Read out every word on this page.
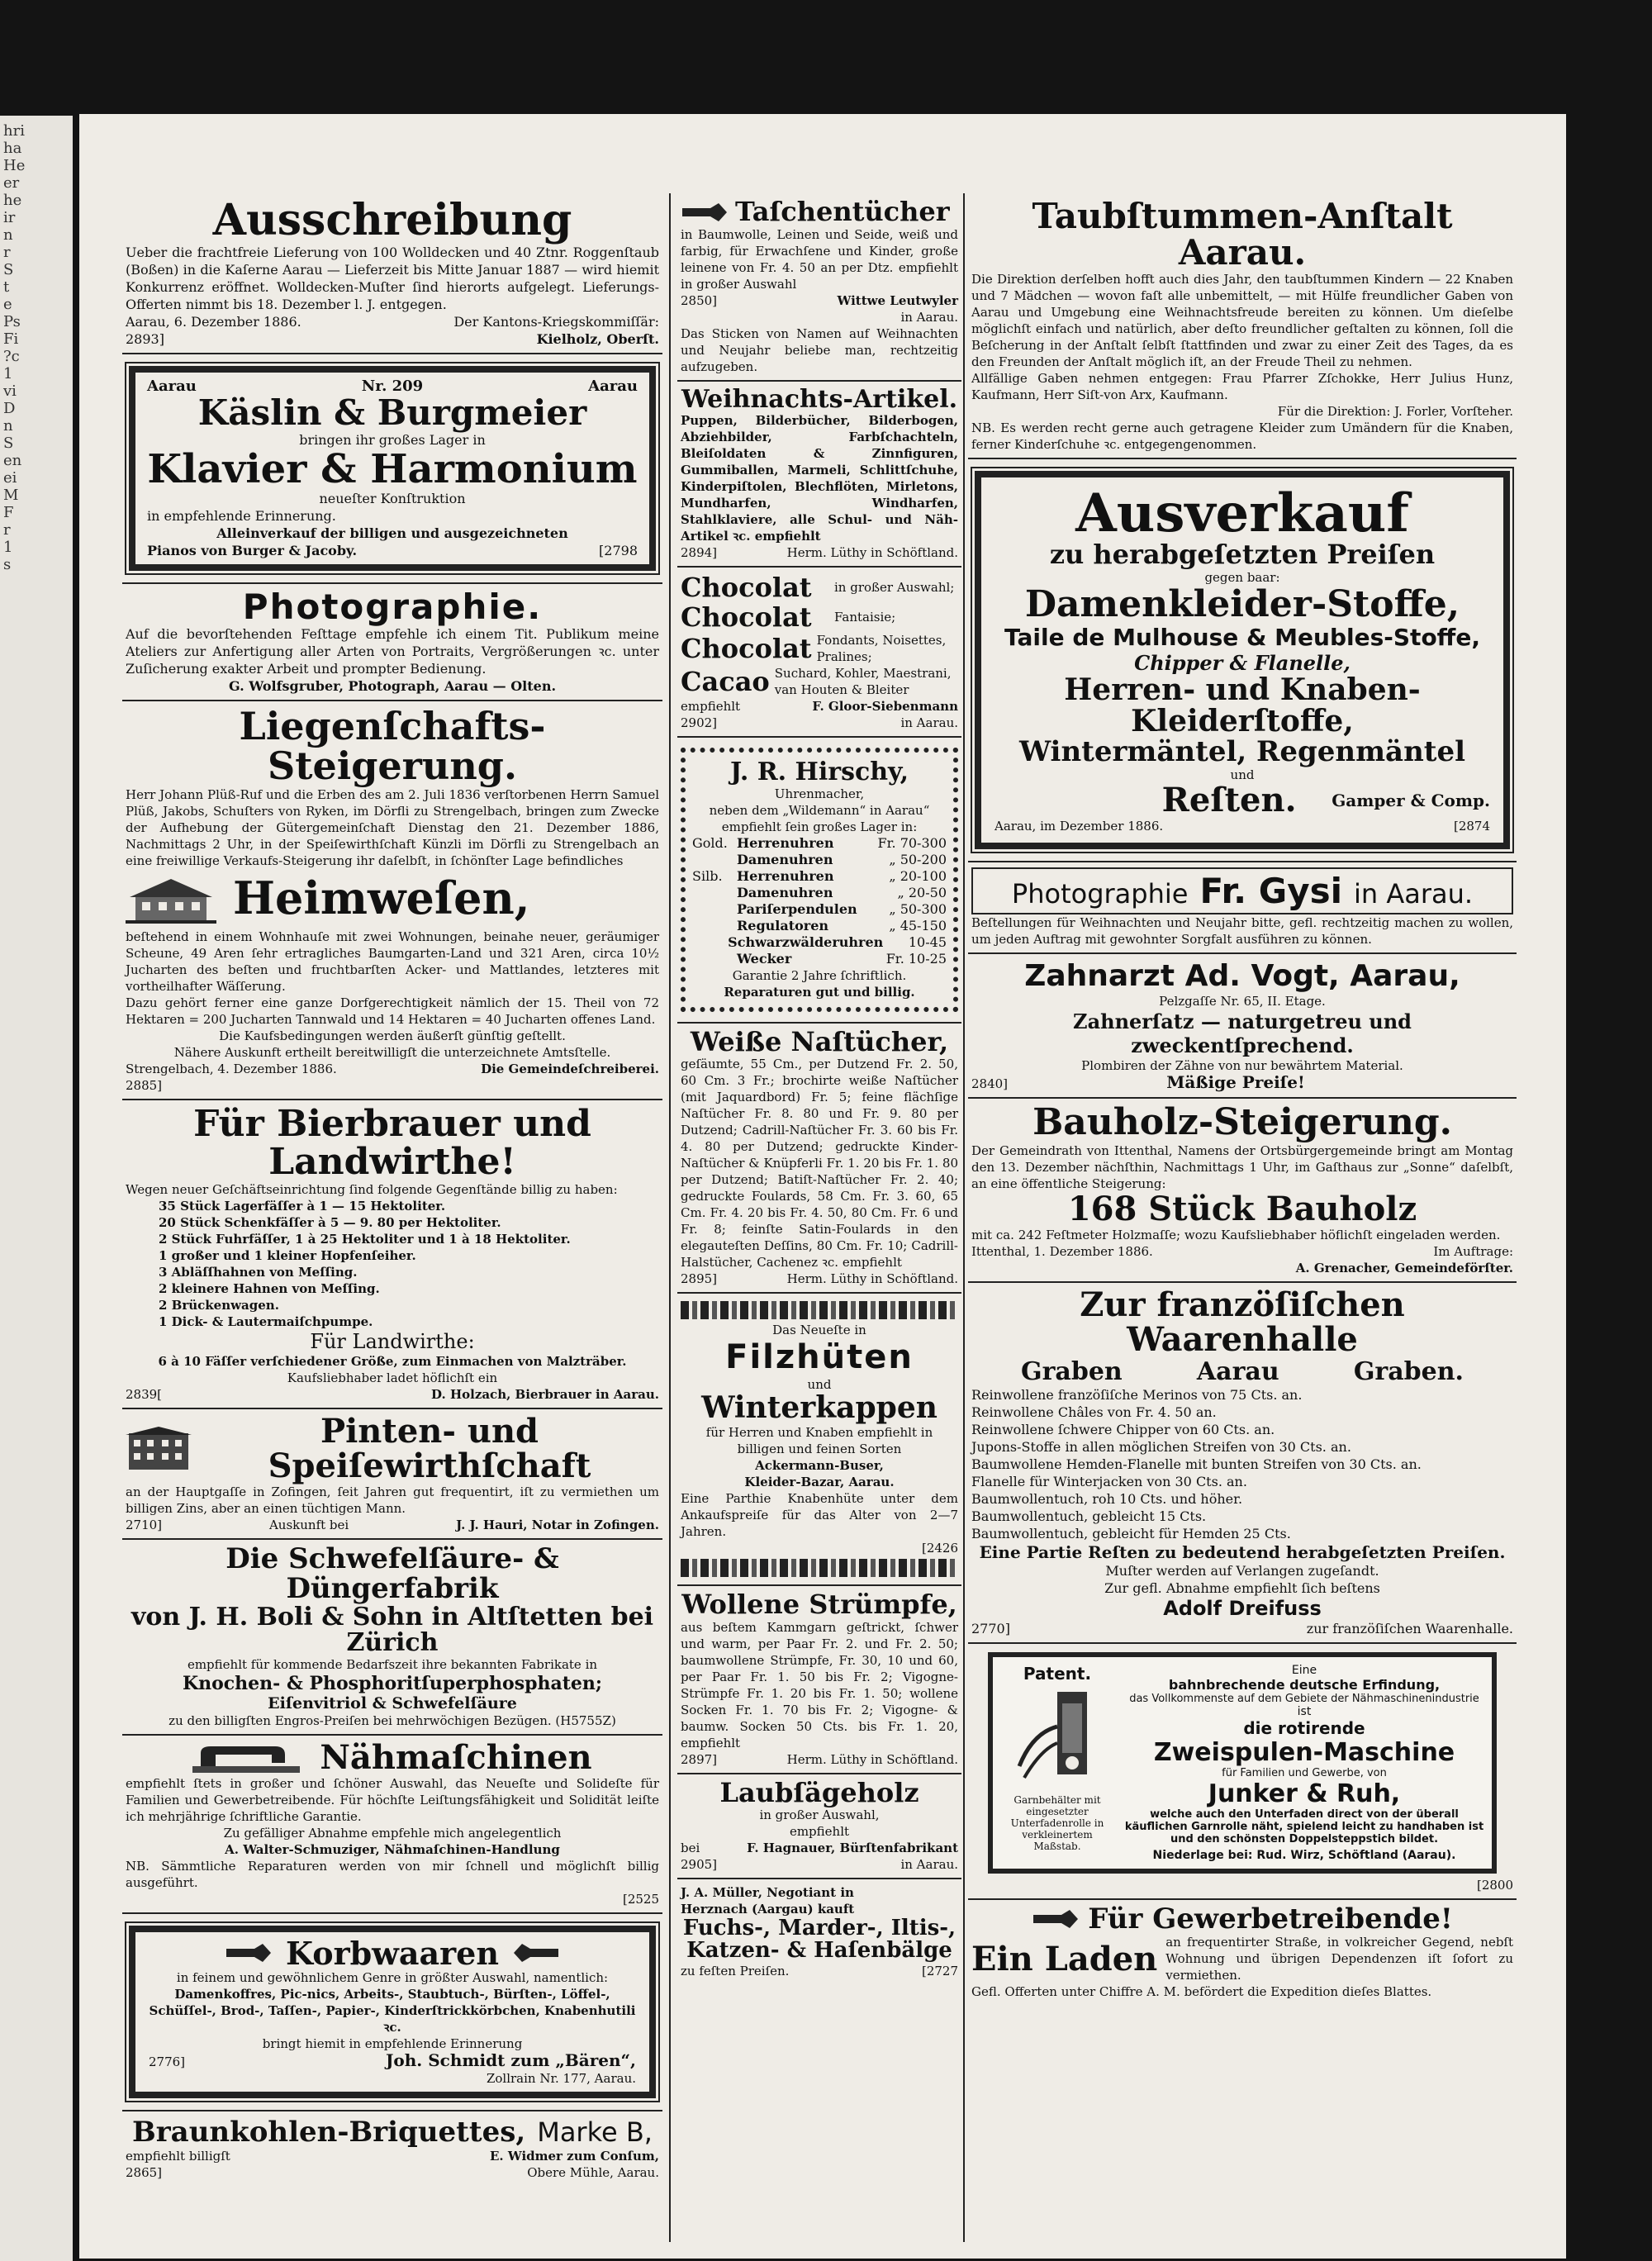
hri
ha
He
er
he
ir
n
r
S
t
e
Ps
Fi
?c
1
vi
D
n
S
en
ei
M
F
r
1
s
Ausschreibung
Ueber die frachtfreie Lieferung von 100 Wolldecken und 40 Ztnr. Roggenſtaub (Boßen) in die Kaſerne Aarau — Lieferzeit bis Mitte Januar 1887 — wird hiemit Konkurrenz eröffnet. Wolldecken-Muſter ſind hierorts aufgelegt. Lieferungs-Offerten nimmt bis 18. Dezember l. J. entgegen.
Aarau, 6. Dezember 1886.	Der Kantons-Kriegskommiſſär:
2893]	Kielholz, Oberſt.
Aarau	Nr. 209	Aarau
Käslin & Burgmeier
bringen ihr großes Lager in
Klavier & Harmonium
neueſter Konſtruktion
in empfehlende Erinnerung.
Alleinverkauf der billigen und ausgezeichneten
Pianos von Burger & Jacoby.	[2798
Photographie.
Auf die bevorſtehenden Feſttage empfehle ich einem Tit. Publikum meine Ateliers zur Anfertigung aller Arten von Portraits, Vergrößerungen ꝛc. unter Zuſicherung exakter Arbeit und prompter Bedienung.
G. Wolfsgruber, Photograph, Aarau — Olten.
Liegenſchafts-Steigerung.
Herr Johann Plüß-Ruf und die Erben des am 2. Juli 1836 verſtorbenen Herrn Samuel Plüß, Jakobs, Schuſters von Ryken, im Dörfli zu Strengelbach, bringen zum Zwecke der Aufhebung der Gütergemeinſchaft Dienstag den 21. Dezember 1886, Nachmittags 2 Uhr, in der Speiſewirthſchaft Künzli im Dörfli zu Strengelbach an eine freiwillige Verkaufs-Steigerung ihr daſelbſt, in ſchönſter Lage befindliches
Heimweſen,
beſtehend in einem Wohnhauſe mit zwei Wohnungen, beinahe neuer, geräumiger Scheune, 49 Aren ſehr ertragliches Baumgarten-Land und 321 Aren, circa 10½ Jucharten des beſten und fruchtbarſten Acker- und Mattlandes, letzteres mit vortheilhafter Wäſſerung.
Dazu gehört ferner eine ganze Dorfgerechtigkeit nämlich der 15. Theil von 72 Hektaren = 200 Jucharten Tannwald und 14 Hektaren = 40 Jucharten offenes Land.
Die Kaufsbedingungen werden äußerſt günſtig geſtellt.
Nähere Auskunft ertheilt bereitwilligſt die unterzeichnete Amtsſtelle.
Strengelbach, 4. Dezember 1886.	Die Gemeindeſchreiberei.
2885]
Für Bierbrauer und Landwirthe!
Wegen neuer Geſchäftseinrichtung ſind folgende Gegenſtände billig zu haben:
35 Stück Lagerfäſſer à 1 — 15 Hektoliter.
20 Stück Schenkfäſſer à 5 — 9. 80 per Hektoliter.
2 Stück Fuhrfäſſer, 1 à 25 Hektoliter und 1 à 18 Hektoliter.
1 großer und 1 kleiner Hopfenſeiher.
3 Abläſſhahnen von Meſſing.
2 kleinere Hahnen von Meſſing.
2 Brückenwagen.
1 Dick- & Lautermaiſchpumpe.
Für Landwirthe:
6 à 10 Fäſſer verſchiedener Größe, zum Einmachen von Malzträber.
Kaufsliebhaber ladet höflichſt ein
2839[	D. Holzach, Bierbrauer in Aarau.
Pinten- und Speiſewirthſchaft
an der Hauptgaſſe in Zofingen, ſeit Jahren gut frequentirt, iſt zu vermiethen um billigen Zins, aber an einen tüchtigen Mann.
2710]	Auskunft bei	J. J. Hauri, Notar in Zofingen.
Die Schwefelſäure- & Düngerfabrik
von J. H. Boli & Sohn in Altſtetten bei Zürich
empfiehlt für kommende Bedarfszeit ihre bekannten Fabrikate in
Knochen- & Phosphoritſuperphosphaten;
Eiſenvitriol & Schwefelſäure
zu den billigſten Engros-Preiſen bei mehrwöchigen Bezügen. (H5755Z)
Nähmaſchinen
empfiehlt ſtets in großer und ſchöner Auswahl, das Neueſte und Solideſte für Familien und Gewerbetreibende. Für höchſte Leiſtungsfähigkeit und Solidität leiſte ich mehrjährige ſchriftliche Garantie.
Zu gefälliger Abnahme empfehle mich angelegentlich
A. Walter-Schmuziger, Nähmaſchinen-Handlung
NB. Sämmtliche Reparaturen werden von mir ſchnell und möglichſt billig ausgeführt.
[2525
Korbwaaren
in feinem und gewöhnlichem Genre in größter Auswahl, namentlich:
Damenkoffres, Pic-nics, Arbeits-, Staubtuch-, Bürſten-, Löffel-, Schüſſel-, Brod-, Taſſen-, Papier-, Kinderſtrickkörbchen, Knabenhutili ꝛc.
bringt hiemit in empfehlende Erinnerung
2776]	Joh. Schmidt zum „Bären“,
Zollrain Nr. 177, Aarau.
Braunkohlen-Briquettes, Marke B,
empfiehlt billigſt	E. Widmer zum Conſum,
2865]	Obere Mühle, Aarau.
Taſchentücher
in Baumwolle, Leinen und Seide, weiß und farbig, für Erwachſene und Kinder, große leinene von Fr. 4. 50 an per Dtz. empfiehlt in großer Auswahl
2850]	Wittwe Leutwyler
in Aarau.
Das Sticken von Namen auf Weihnachten und Neujahr beliebe man, rechtzeitig aufzugeben.
Weihnachts-Artikel.
Puppen, Bilderbücher, Bilderbogen, Abziehbilder, Farbſchachteln, Bleiſoldaten & Zinnfiguren, Gummiballen, Marmeli, Schlittſchuhe, Kinderpiſtolen, Blechflöten, Mirletons, Mundharfen, Windharfen, Stahlklaviere, alle Schul- und Näh-Artikel ꝛc. empfiehlt
2894]	Herm. Lüthy in Schöftland.
Chocolat	in großer Auswahl;
Chocolat	Fantaisie;
Chocolat Fondants, Noisettes, Pralines;
Cacao Suchard, Kohler, Maestrani, van Houten & Bleiter
empfiehlt	F. Gloor-Siebenmann
2902]	in Aarau.
J. R. Hirschy,
Uhrenmacher,
neben dem „Wildemann“ in Aarau“
empfiehlt ſein großes Lager in:
Gold. Herrenuhren	Fr. 70-300
Damenuhren	„ 50-200
Silb.	Herrenuhren	„ 20-100
Damenuhren	„ 20-50
Pariſerpendulen	„ 50-300
Regulatoren	„ 45-150
Schwarzwälderuhren	10-45
Wecker	Fr. 10-25
Garantie 2 Jahre ſchriftlich.
Reparaturen gut und billig.
Weiße Naſtücher,
geſäumte, 55 Cm., per Dutzend Fr. 2. 50, 60 Cm. 3 Fr.; brochirte weiße Naſtücher (mit Jaquardbord) Fr. 5; feine flächſige Naſtücher Fr. 8. 80 und Fr. 9. 80 per Dutzend; Cadrill-Naſtücher Fr. 3. 60 bis Fr. 4. 80 per Dutzend; gedruckte Kinder-Naſtücher & Knüpferli Fr. 1. 20 bis Fr. 1. 80 per Dutzend; Batiſt-Naſtücher Fr. 2. 40; gedruckte Foulards, 58 Cm. Fr. 3. 60, 65 Cm. Fr. 4. 20 bis Fr. 4. 50, 80 Cm. Fr. 6 und Fr. 8; feinſte Satin-Foulards in den elegauteſten Deſſins, 80 Cm. Fr. 10; Cadrill-Halstücher, Cachenez ꝛc. empfiehlt
2895]	Herm. Lüthy in Schöftland.
Das Neueſte in
Filzhüten
und
Winterkappen
für Herren und Knaben empfiehlt in billigen und feinen Sorten
Ackermann-Buser,
Kleider-Bazar, Aarau.
Eine Parthie Knabenhüte unter dem Ankaufspreiſe für das Alter von 2—7 Jahren.
[2426
Wollene Strümpfe,
aus beſtem Kammgarn geſtrickt, ſchwer und warm, per Paar Fr. 2. und Fr. 2. 50; baumwollene Strümpfe, Fr. 30, 10 und 60, per Paar Fr. 1. 50 bis Fr. 2; Vigogne-Strümpfe Fr. 1. 20 bis Fr. 1. 50; wollene Socken Fr. 1. 70 bis Fr. 2; Vigogne- & baumw. Socken 50 Cts. bis Fr. 1. 20, empfiehlt
2897]	Herm. Lüthy in Schöftland.
Laubſägeholz
in großer Auswahl,
empfiehlt
bei	F. Hagnauer, Bürſtenfabrikant
2905]	in Aarau.
J. A. Müller, Negotiant in
Herznach (Aargau) kauft
Fuchs-, Marder-, Iltis-, Katzen- & Haſenbälge
zu feſten Preiſen.	[2727
Taubſtummen-Anſtalt Aarau.
Die Direktion derſelben hofft auch dies Jahr, den taubſtummen Kindern — 22 Knaben und 7 Mädchen — wovon faſt alle unbemittelt, — mit Hülfe freundlicher Gaben von Aarau und Umgebung eine Weihnachtsfreude bereiten zu können. Um dieſelbe möglichſt einfach und natürlich, aber deſto freundlicher geſtalten zu können, ſoll die Beſcherung in der Anſtalt ſelbſt ſtattfinden und zwar zu einer Zeit des Tages, da es den Freunden der Anſtalt möglich iſt, an der Freude Theil zu nehmen.
Allfällige Gaben nehmen entgegen: Frau Pfarrer Zſchokke, Herr Julius Hunz, Kaufmann, Herr Siſt-von Arx, Kaufmann.
Für die Direktion: J. Forler, Vorſteher.
NB. Es werden recht gerne auch getragene Kleider zum Umändern für die Knaben, ferner Kinderſchuhe ꝛc. entgegengenommen.
Ausverkauf
zu herabgeſetzten Preiſen
gegen baar:
Damenkleider-Stoffe,
Taile de Mulhouse & Meubles-Stoffe,
Chipper & Flanelle,
Herren- und Knaben-Kleiderſtoffe,
Wintermäntel, Regenmäntel
und
Reſten. Gamper & Comp.
Aarau, im Dezember 1886.	[2874
Photographie Fr. Gysi in Aarau.
Beſtellungen für Weihnachten und Neujahr bitte, gefl. rechtzeitig machen zu wollen, um jeden Auftrag mit gewohnter Sorgfalt ausführen zu können.
Zahnarzt Ad. Vogt, Aarau,
Pelzgaſſe Nr. 65, II. Etage.
Zahnerſatz — naturgetreu und zweckentſprechend.
Plombiren der Zähne von nur bewährtem Material.
2840]	Mäßige Preiſe!
Bauholz-Steigerung.
Der Gemeindrath von Ittenthal, Namens der Ortsbürgergemeinde bringt am Montag den 13. Dezember nächſthin, Nachmittags 1 Uhr, im Gaſthaus zur „Sonne“ daſelbſt, an eine öffentliche Steigerung:
168 Stück Bauholz
mit ca. 242 Feſtmeter Holzmaſſe; wozu Kaufsliebhaber höflichſt eingeladen werden.
Ittenthal, 1. Dezember 1886.	Im Auftrage:
A. Grenacher, Gemeindeförſter.
Zur franzöſiſchen Waarenhalle
Graben	Aarau	Graben.
Reinwollene franzöſiſche Merinos von 75 Cts. an.
Reinwollene Châles von Fr. 4. 50 an.
Reinwollene ſchwere Chipper von 60 Cts. an.
Jupons-Stoffe in allen möglichen Streifen von 30 Cts. an.
Baumwollene Hemden-Flanelle mit bunten Streifen von 30 Cts. an.
Flanelle für Winterjacken von 30 Cts. an.
Baumwollentuch, roh 10 Cts. und höher.
Baumwollentuch, gebleicht 15 Cts.
Baumwollentuch, gebleicht für Hemden 25 Cts.
Eine Partie Reſten zu bedeutend herabgeſetzten Preiſen.
Muſter werden auf Verlangen zugeſandt.
Zur gefl. Abnahme empfiehlt ſich beſtens
Adolf Dreifuss
2770]	zur franzöſiſchen Waarenhalle.
Patent.
Garnbehälter mit eingesetzter Unterfadenrolle in verkleinertem Maßstab.
Eine
bahnbrechende deutsche Erfindung,
das Vollkommenste auf dem Gebiete der Nähmaschinenindustrie
ist
die rotirende
Zweispulen-Maschine
für Familien und Gewerbe, von
Junker & Ruh,
welche auch den Unterfaden direct von der überall käuflichen Garnrolle näht, spielend leicht zu handhaben ist und den schönsten Doppelsteppstich bildet.
Niederlage bei: Rud. Wirz, Schöftland (Aarau).
[2800
Für Gewerbetreibende!
Ein Laden an frequentirter Straße, in volkreicher Gegend, nebſt Wohnung und übrigen Dependenzen iſt ſofort zu vermiethen.
Gefl. Offerten unter Chiffre A. M. befördert die Expedition dieſes Blattes.
